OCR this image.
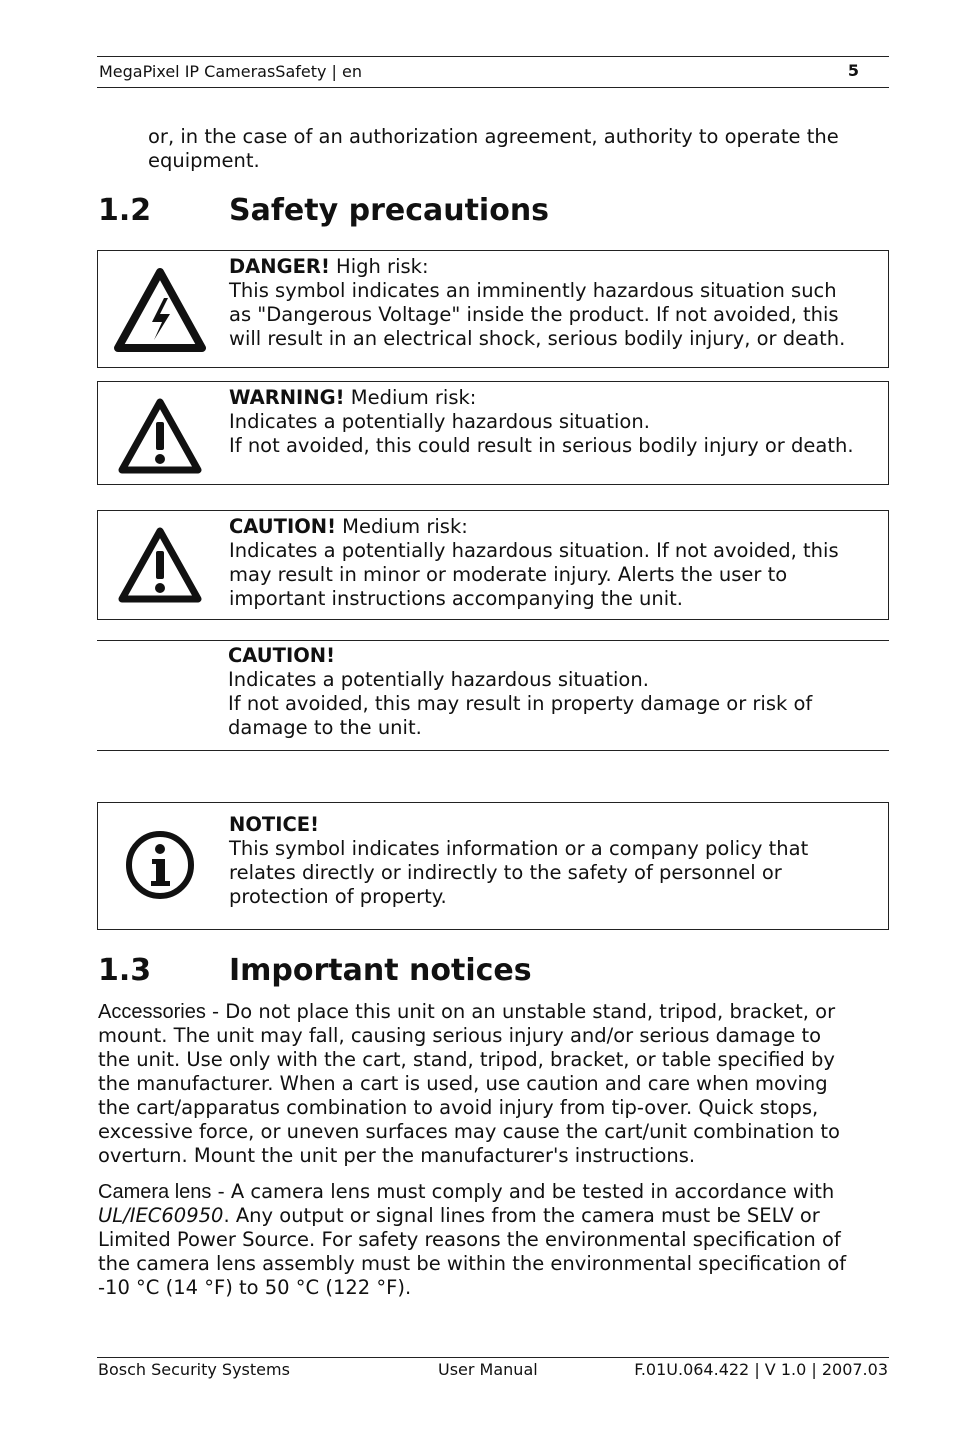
MegaPixel IP CamerasSafety | en	5
or, in the case of an authorization agreement, authority to operate the equipment.
1.2	Safety precautions
DANGER! High risk:
This symbol indicates an imminently hazardous situation such
as "Dangerous Voltage" inside the product. If not avoided, this
will result in an electrical shock, serious bodily injury, or death.
WARNING! Medium risk:
Indicates a potentially hazardous situation.
If not avoided, this could result in serious bodily injury or death.
CAUTION! Medium risk:
Indicates a potentially hazardous situation. If not avoided, this
may result in minor or moderate injury. Alerts the user to
important instructions accompanying the unit.
CAUTION!
Indicates a potentially hazardous situation.
If not avoided, this may result in property damage or risk of
damage to the unit.
NOTICE!
This symbol indicates information or a company policy that
relates directly or indirectly to the safety of personnel or
protection of property.
1.3	Important notices
Accessories - Do not place this unit on an unstable stand, tripod, bracket, or
mount. The unit may fall, causing serious injury and/or serious damage to
the unit. Use only with the cart, stand, tripod, bracket, or table specified by
the manufacturer. When a cart is used, use caution and care when moving
the cart/apparatus combination to avoid injury from tip-over. Quick stops,
excessive force, or uneven surfaces may cause the cart/unit combination to
overturn. Mount the unit per the manufacturer's instructions.
Camera lens - A camera lens must comply and be tested in accordance with
UL/IEC60950. Any output or signal lines from the camera must be SELV or
Limited Power Source. For safety reasons the environmental specification of
the camera lens assembly must be within the environmental specification of
-10 °C (14 °F) to 50 °C (122 °F).
Bosch Security Systems	User Manual	F.01U.064.422 | V 1.0 | 2007.03
